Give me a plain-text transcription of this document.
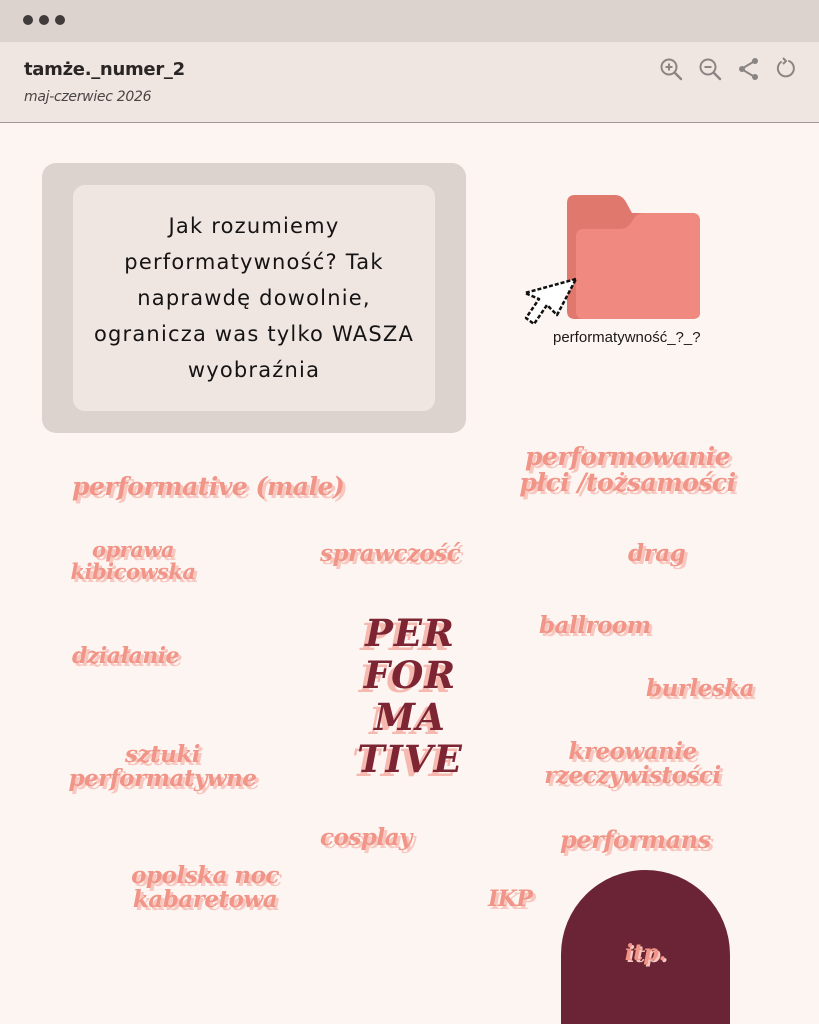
tamże._numer_2
maj-czerwiec 2026
Jak rozumiemy performatywność? Tak naprawdę dowolnie, ogranicza was tylko WASZA wyobraźnia
performatywność_?_?
performative (male)
performowanie
płci /tożsamości
oprawa
kibicowska
sprawczość	drag
ballroom
działanie
burleska
PER
FOR
MA
TIVE
sztuki
performatywne
kreowanie
rzeczywistości
cosplay	performans
opolska noc
kabaretowa	IKP
itp.
